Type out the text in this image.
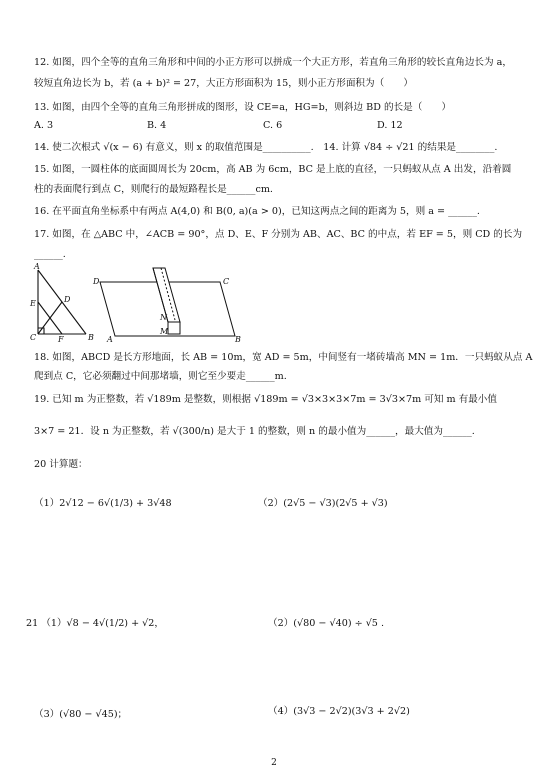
12. 如图，四个全等的直角三角形和中间的小正方形可以拼成一个大正方形，若直角三角形的较长直角边长为 a，
较短直角边长为 b，若 (a + b)² = 27，大正方形面积为 15，则小正方形面积为（　　）
13. 如图，由四个全等的直角三角形拼成的图形，设 CE=a，HG=b，则斜边 BD 的长是（　　）
A. 3	B. 4	C. 6	D. 12
14. 使二次根式 √(x − 6) 有意义，则 x 的取值范围是__________.　14. 计算 √84 ÷ √21 的结果是________.
15. 如图，一圆柱体的底面圆周长为 20cm，高 AB 为 6cm，BC 是上底的直径，一只蚂蚁从点 A 出发，沿着圆
柱的表面爬行到点 C，则爬行的最短路程长是______cm.
16. 在平面直角坐标系中有两点 A(4,0) 和 B(0, a)(a > 0)，已知这两点之间的距离为 5，则 a = ______.
17. 如图，在 △ABC 中，∠ACB = 90°，点 D、E、F 分别为 AB、AC、BC 的中点，若 EF = 5，则 CD 的长为
______.
A
E	D
C	F	B
D	C
A	B
N
M
18. 如图，ABCD 是长方形地面，长 AB = 10m，宽 AD = 5m，中间竖有一堵砖墙高 MN = 1m．一只蚂蚁从点 A
爬到点 C，它必须翻过中间那堵墙，则它至少要走______m.
19. 已知 m 为正整数，若 √189m 是整数，则根据 √189m = √3×3×3×7m = 3√3×7m 可知 m 有最小值
3×7 = 21．设 n 为正整数，若 √(300/n) 是大于 1 的整数，则 n 的最小值为______，最大值为______.
20 计算题：
（1）2√12 − 6√(1/3) + 3√48	（2）(2√5 − √3)(2√5 + √3)
21 （1）√8 − 4√(1/2) + √2，	（2）(√80 − √40) ÷ √5 .
（3）(√80 − √45)；	（4）(3√3 − 2√2)(3√3 + 2√2)
2
